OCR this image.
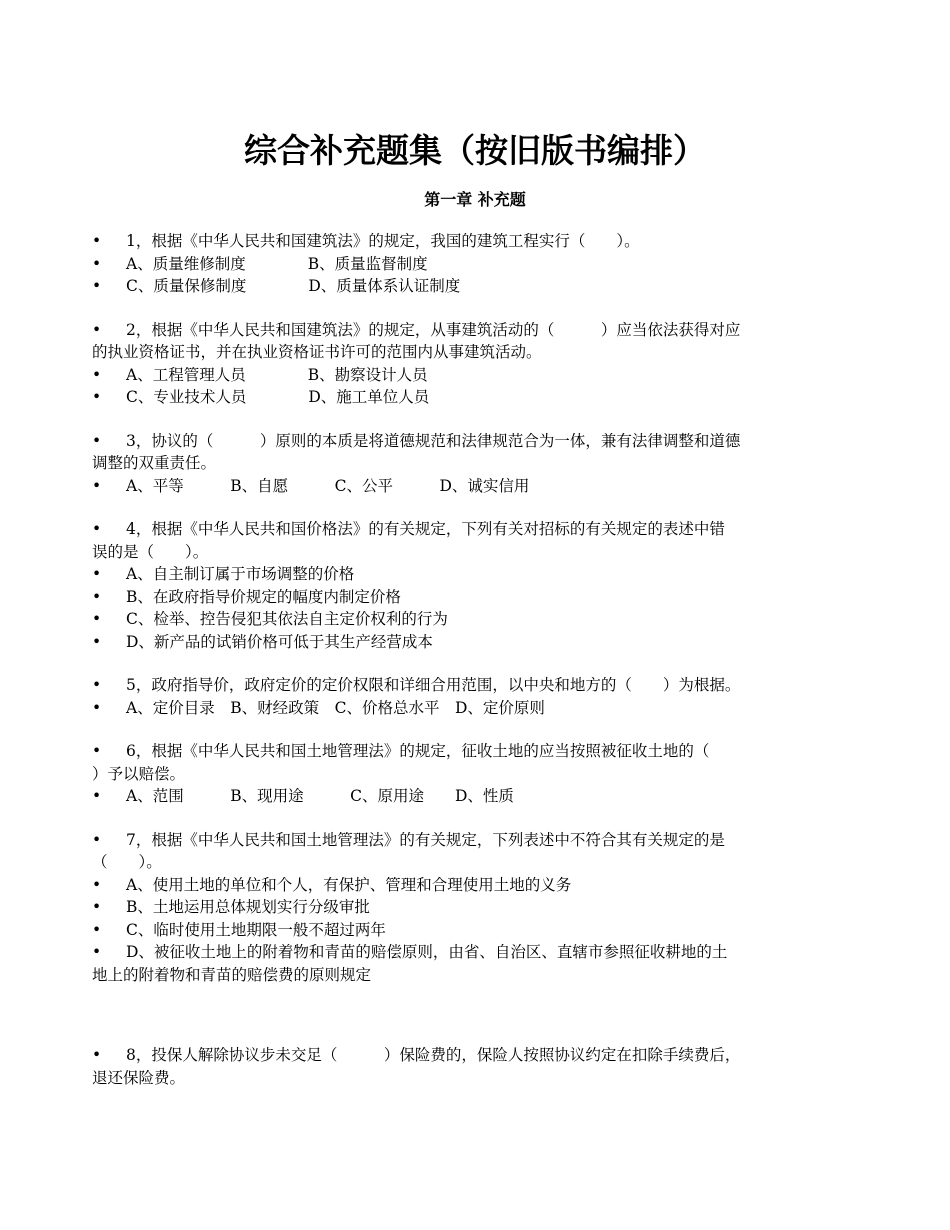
综合补充题集（按旧版书编排）
第一章 补充题
• 1，根据《中华人民共和国建筑法》的规定，我国的建筑工程实行（　　）。
• A、质量维修制度　　　　B、质量监督制度
• C、质量保修制度　　　　D、质量体系认证制度
• 2，根据《中华人民共和国建筑法》的规定，从事建筑活动的（　　　）应当依法获得对应
的执业资格证书，并在执业资格证书许可的范围内从事建筑活动。
• A、工程管理人员　　　　B、勘察设计人员
• C、专业技术人员　　　　D、施工单位人员
• 3，协议的（　　　）原则的本质是将道德规范和法律规范合为一体，兼有法律调整和道德
调整的双重责任。
• A、平等　　　B、自愿　　　C、公平　　　D、诚实信用
• 4，根据《中华人民共和国价格法》的有关规定，下列有关对招标的有关规定的表述中错
误的是（　　）。
• A、自主制订属于市场调整的价格
• B、在政府指导价规定的幅度内制定价格
• C、检举、控告侵犯其依法自主定价权利的行为
• D、新产品的试销价格可低于其生产经营成本
• 5，政府指导价，政府定价的定价权限和详细合用范围，以中央和地方的（　　）为根据。
• A、定价目录　B、财经政策　C、价格总水平　D、定价原则
• 6，根据《中华人民共和国土地管理法》的规定，征收土地的应当按照被征收土地的（
）予以赔偿。
• A、范围　　　B、现用途　　　C、原用途　　D、性质
• 7，根据《中华人民共和国土地管理法》的有关规定，下列表述中不符合其有关规定的是
（　　）。
• A、使用土地的单位和个人，有保护、管理和合理使用土地的义务
• B、土地运用总体规划实行分级审批
• C、临时使用土地期限一般不超过两年
• D、被征收土地上的附着物和青苗的赔偿原则，由省、自治区、直辖市参照征收耕地的土
地上的附着物和青苗的赔偿费的原则规定
• 8，投保人解除协议步未交足（　　　）保险费的，保险人按照协议约定在扣除手续费后，
退还保险费。
